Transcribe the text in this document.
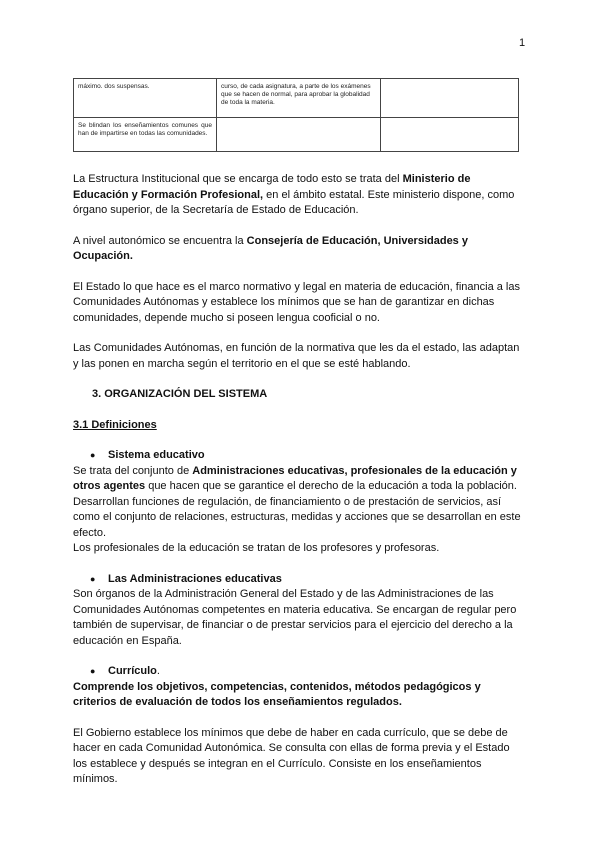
1
máximo. dos suspensas.	curso, de cada asignatura, a parte de los exámenes que se hacen de normal, para aprobar la globalidad de toda la materia.	
Se blindan los enseñamientos comunes que han de impartirse en todas las comunidades.		

La Estructura Institucional que se encarga de todo esto se trata del Ministerio de Educación y Formación Profesional, en el ámbito estatal. Este ministerio dispone, como órgano superior, de la Secretaría de Estado de Educación.

A nivel autonómico se encuentra la Consejería de Educación, Universidades y Ocupación.

El Estado lo que hace es el marco normativo y legal en materia de educación, financia a las Comunidades Autónomas y establece los mínimos que se han de garantizar en dichas comunidades, depende mucho si poseen lengua cooficial o no.

Las Comunidades Autónomas, en función de la normativa que les da el estado, las adaptan y las ponen en marcha según el territorio en el que se esté hablando.

3. ORGANIZACIÓN DEL SISTEMA

3.1 Definiciones

● Sistema educativo

Se trata del conjunto de Administraciones educativas, profesionales de la educación y otros agentes que hacen que se garantice el derecho de la educación a toda la población. Desarrollan funciones de regulación, de financiamiento o de prestación de servicios, así como el conjunto de relaciones, estructuras, medidas y acciones que se desarrollan en este efecto.

Los profesionales de la educación se tratan de los profesores y profesoras.

● Las Administraciones educativas

Son órganos de la Administración General del Estado y de las Administraciones de las Comunidades Autónomas competentes en materia educativa. Se encargan de regular pero también de supervisar, de financiar o de prestar servicios para el ejercicio del derecho a la educación en España.

● Currículo.

Comprende los objetivos, competencias, contenidos, métodos pedagógicos y criterios de evaluación de todos los enseñamientos regulados.

El Gobierno establece los mínimos que debe de haber en cada currículo, que se debe de hacer en cada Comunidad Autonómica. Se consulta con ellas de forma previa y el Estado los establece y después se integran en el Currículo. Consiste en los enseñamientos mínimos.
